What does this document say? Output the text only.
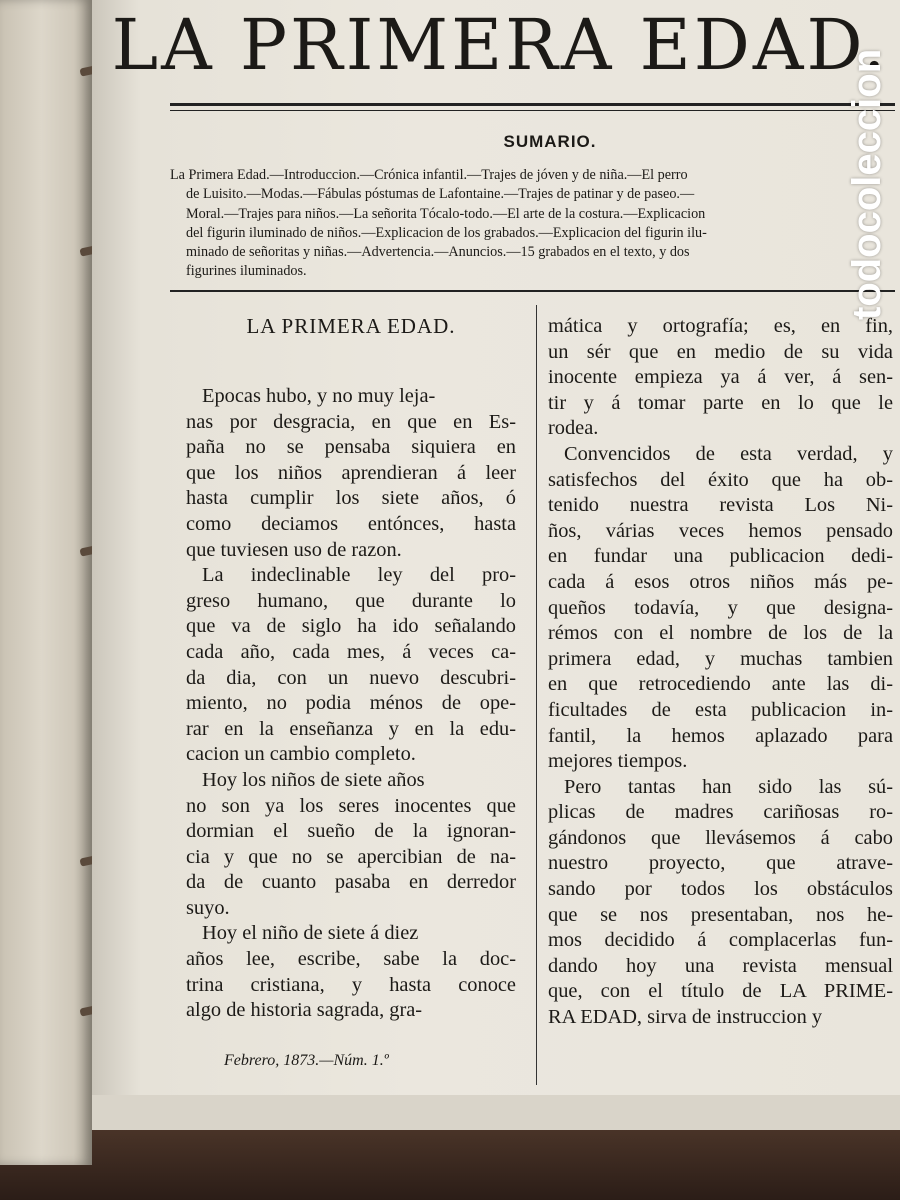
LA PRIMERA EDAD.
SUMARIO.
La Primera Edad.—Introduccion.—Crónica infantil.—Trajes de jóven y de niña.—El perro
de Luisito.—Modas.—Fábulas póstumas de Lafontaine.—Trajes de patinar y de paseo.—
Moral.—Trajes para niños.—La señorita Tócalo-todo.—El arte de la costura.—Explicacion
del figurin iluminado de niños.—Explicacion de los grabados.—Explicacion del figurin ilu-
minado de señoritas y niñas.—Advertencia.—Anuncios.—15 grabados en el texto, y dos
figurines iluminados.
LA PRIMERA EDAD.
Epocas hubo, y no muy leja-
nas por desgracia, en que en Es-
paña no se pensaba siquiera en
que los niños aprendieran á leer
hasta cumplir los siete años, ó
como deciamos entónces, hasta
que tuviesen uso de razon.
La indeclinable ley del pro-
greso humano, que durante lo
que va de siglo ha ido señalando
cada año, cada mes, á veces ca-
da dia, con un nuevo descubri-
miento, no podia ménos de ope-
rar en la enseñanza y en la edu-
cacion un cambio completo.
Hoy los niños de siete años
no son ya los seres inocentes que
dormian el sueño de la ignoran-
cia y que no se apercibian de na-
da de cuanto pasaba en derredor
suyo.
Hoy el niño de siete á diez
años lee, escribe, sabe la doc-
trina cristiana, y hasta conoce
algo de historia sagrada, gra-
mática y ortografía; es, en fin,
un sér que en medio de su vida
inocente empieza ya á ver, á sen-
tir y á tomar parte en lo que le
rodea.
Convencidos de esta verdad, y
satisfechos del éxito que ha ob-
tenido nuestra revista Los Ni-
ños, várias veces hemos pensado
en fundar una publicacion dedi-
cada á esos otros niños más pe-
queños todavía, y que designa-
rémos con el nombre de los de la
primera edad, y muchas tambien
en que retrocediendo ante las di-
ficultades de esta publicacion in-
fantil, la hemos aplazado para
mejores tiempos.
Pero tantas han sido las sú-
plicas de madres cariñosas ro-
gándonos que llevásemos á cabo
nuestro proyecto, que atrave-
sando por todos los obstáculos
que se nos presentaban, nos he-
mos decidido á complacerlas fun-
dando hoy una revista mensual
que, con el título de LA PRIME-
RA EDAD, sirva de instruccion y
Febrero, 1873.—Núm. 1.º
todocoleccion
